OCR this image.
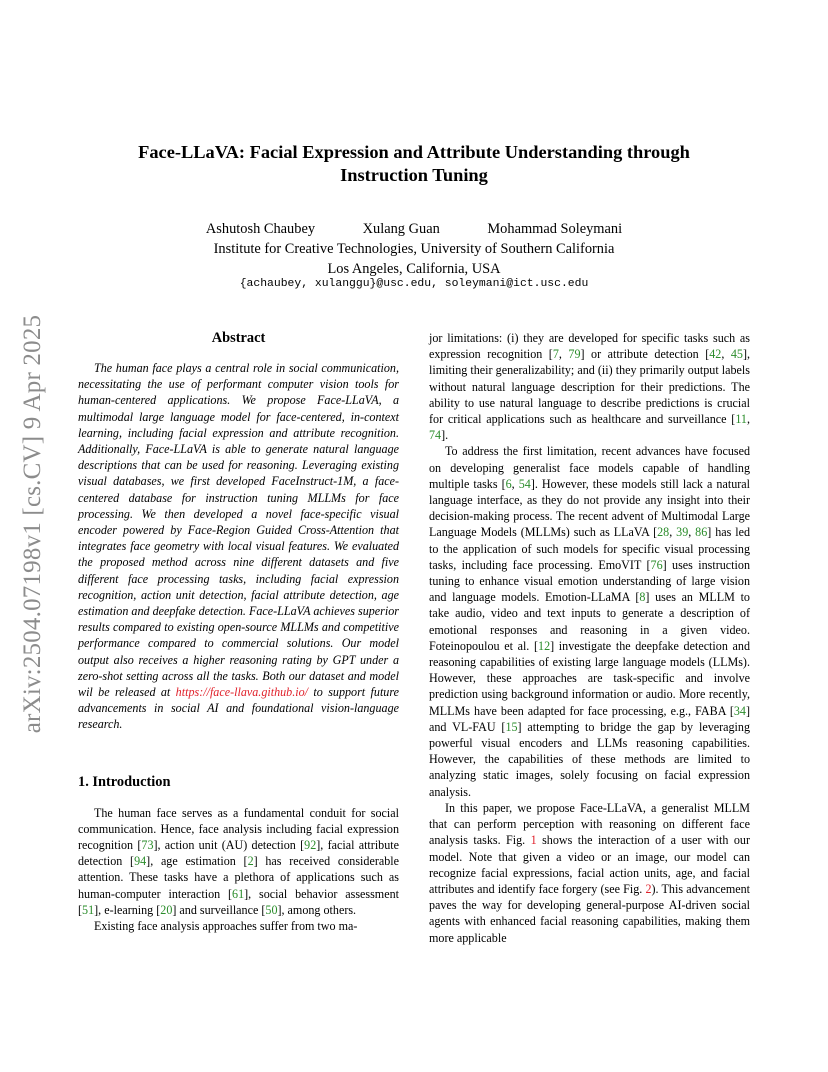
arXiv:2504.07198v1 [cs.CV] 9 Apr 2025
Face-LLaVA: Facial Expression and Attribute Understanding through
Instruction Tuning
Ashutosh Chaubey	Xulang Guan	Mohammad Soleymani
Institute for Creative Technologies, University of Southern California
Los Angeles, California, USA
{achaubey, xulanggu}@usc.edu, soleymani@ict.usc.edu
Abstract

The human face plays a central role in social communication, necessitating the use of performant computer vision tools for human-centered applications. We propose Face-LLaVA, a multimodal large language model for face-centered, in-context learning, including facial expression and attribute recognition. Additionally, Face-LLaVA is able to generate natural language descriptions that can be used for reasoning. Leveraging existing visual databases, we first developed FaceInstruct-1M, a face-centered database for instruction tuning MLLMs for face processing. We then developed a novel face-specific visual encoder powered by Face-Region Guided Cross-Attention that integrates face geometry with local visual features. We evaluated the proposed method across nine different datasets and five different face processing tasks, including facial expression recognition, action unit detection, facial attribute detection, age estimation and deepfake detection. Face-LLaVA achieves superior results compared to existing open-source MLLMs and competitive performance compared to commercial solutions. Our model output also receives a higher reasoning rating by GPT under a zero-shot setting across all the tasks. Both our dataset and model wil be released at https://face-llava.github.io/ to support future advancements in social AI and foundational vision-language research.

1. Introduction

The human face serves as a fundamental conduit for social communication. Hence, face analysis including facial expression recognition [73], action unit (AU) detection [92], facial attribute detection [94], age estimation [2] has received considerable attention. These tasks have a plethora of applications such as human-computer interaction [61], social behavior assessment [51], e-learning [20] and surveillance [50], among others.

Existing face analysis approaches suffer from two ma-

jor limitations: (i) they are developed for specific tasks such as expression recognition [7, 79] or attribute detection [42, 45], limiting their generalizability; and (ii) they primarily output labels without natural language description for their predictions. The ability to use natural language to describe predictions is crucial for critical applications such as healthcare and surveillance [11, 74].

To address the first limitation, recent advances have focused on developing generalist face models capable of handling multiple tasks [6, 54]. However, these models still lack a natural language interface, as they do not provide any insight into their decision-making process. The recent advent of Multimodal Large Language Models (MLLMs) such as LLaVA [28, 39, 86] has led to the application of such models for specific visual processing tasks, including face processing. EmoVIT [76] uses instruction tuning to enhance visual emotion understanding of large vision and language models. Emotion-LLaMA [8] uses an MLLM to take audio, video and text inputs to generate a description of emotional responses and reasoning in a given video. Foteinopoulou et al. [12] investigate the deepfake detection and reasoning capabilities of existing large language models (LLMs). However, these approaches are task-specific and involve prediction using background information or audio. More recently, MLLMs have been adapted for face processing, e.g., FABA [34] and VL-FAU [15] attempting to bridge the gap by leveraging powerful visual encoders and LLMs reasoning capabilities. However, the capabilities of these methods are limited to analyzing static images, solely focusing on facial expression analysis.

In this paper, we propose Face-LLaVA, a generalist MLLM that can perform perception with reasoning on different face analysis tasks. Fig. 1 shows the interaction of a user with our model. Note that given a video or an image, our model can recognize facial expressions, facial action units, age, and facial attributes and identify face forgery (see Fig. 2). This advancement paves the way for developing general-purpose AI-driven social agents with enhanced facial reasoning capabilities, making them more applicable
